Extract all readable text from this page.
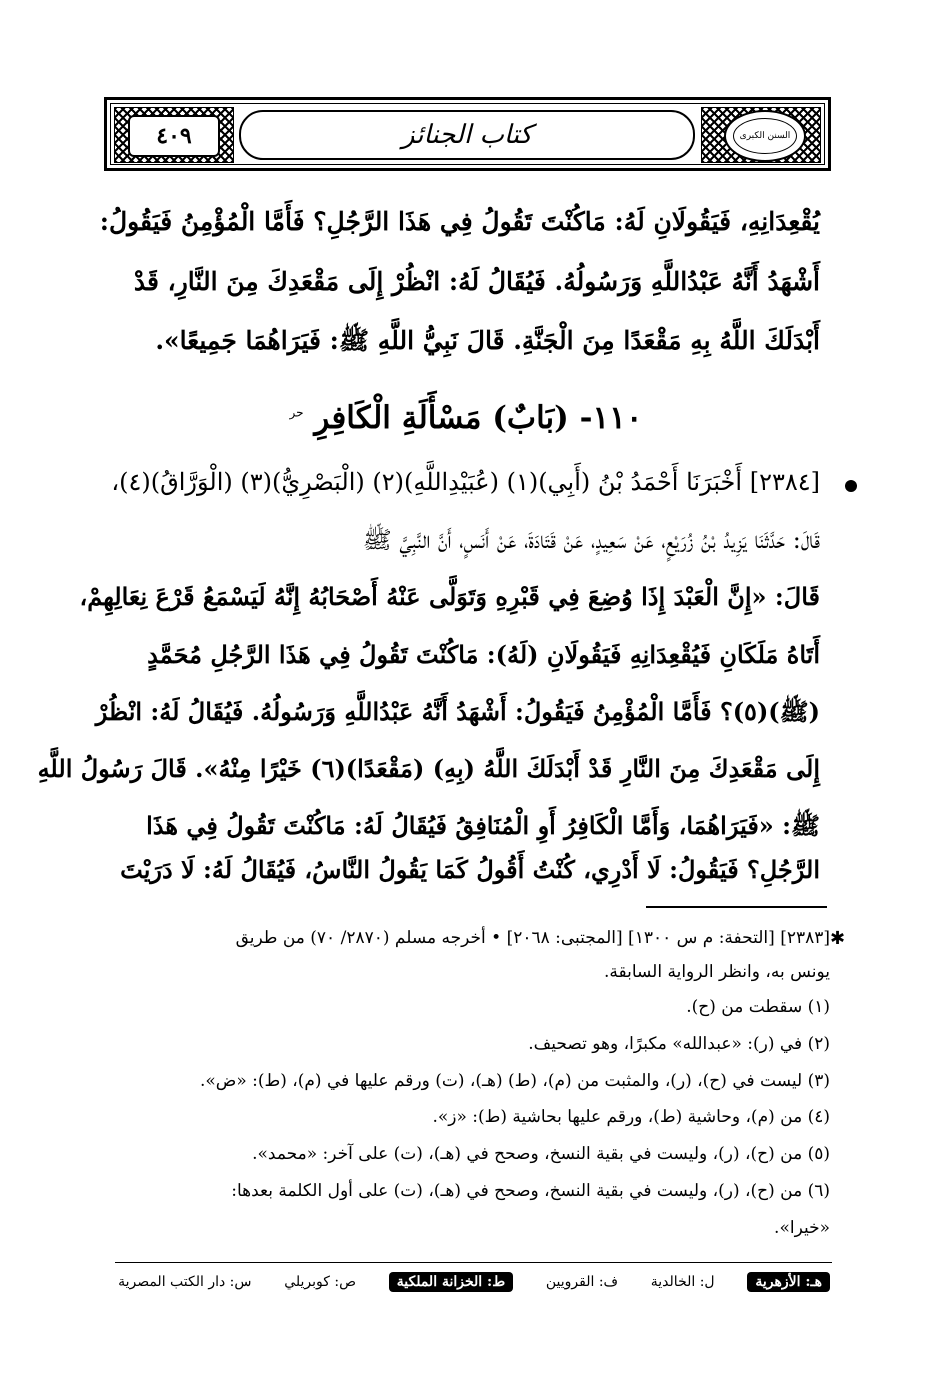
٤٠٩	كتاب الجنائز	السنن الكبرى
يُقْعِدَانِهِ، فَيَقُولَانِ لَهُ: مَاكُنْتَ تَقُولُ فِي هَذَا الرَّجُلِ؟ فَأَمَّا الْمُؤْمِنُ فَيَقُولُ:
أَشْهَدُ أَنَّهُ عَبْدُاللَّهِ وَرَسُولُهُ. فَيُقَالُ لَهُ: انْظُرْ إِلَى مَقْعَدِكَ مِنَ النَّارِ، قَدْ
أَبْدَلَكَ اللَّهُ بِهِ مَقْعَدًا مِنَ الْجَنَّةِ. قَالَ نَبِيُّ اللَّهِ ﷺ: فَيَرَاهُمَا جَمِيعًا».
١١٠- (بَابٌ) مَسْأَلَةِ الْكَافِرِ $^{حر}$
[٢٣٨٤] أَخْبَرَنَا أَحْمَدُ بْنُ (أَبِي)(١) (عُبَيْدِاللَّهِ)(٢) (الْبَصْرِيُّ)(٣) (الْوَرَّاقُ)(٤)،
قَالَ: حَدَّثَنَا يَزِيدُ بْنُ زُرَيْعٍ، عَنْ سَعِيدٍ، عَنْ قَتَادَةَ، عَنْ أَنَسٍ، أَنَّ النَّبِيَّ ﷺ
قَالَ: «إِنَّ الْعَبْدَ إِذَا وُضِعَ فِي قَبْرِهِ وَتَوَلَّى عَنْهُ أَصْحَابُهُ إِنَّهُ لَيَسْمَعُ قَرْعَ نِعَالِهِمْ،
أَتَاهُ مَلَكَانِ فَيُقْعِدَانِهِ فَيَقُولَانِ (لَهُ): مَاكُنْتَ تَقُولُ فِي هَذَا الرَّجُلِ مُحَمَّدٍ
(ﷺ)(٥)؟ فَأَمَّا الْمُؤْمِنُ فَيَقُولُ: أَشْهَدُ أَنَّهُ عَبْدُاللَّهِ وَرَسُولُهُ. فَيُقَالُ لَهُ: انْظُرْ
إِلَى مَقْعَدِكَ مِنَ النَّارِ قَدْ أَبْدَلَكَ اللَّهُ (بِهِ) (مَقْعَدًا)(٦) خَيْرًا مِنْهُ». قَالَ رَسُولُ اللَّهِ
ﷺ: «فَيَرَاهُمَا، وَأَمَّا الْكَافِرُ أَوِ الْمُنَافِقُ فَيُقَالُ لَهُ: مَاكُنْتَ تَقُولُ فِي هَذَا
الرَّجُلِ؟ فَيَقُولُ: لَا أَدْرِي، كُنْتُ أَقُولُ كَمَا يَقُولُ النَّاسُ، فَيُقَالُ لَهُ: لَا دَرَيْتَ
✱
[٢٣٨٣] [التحفة: م س ١٣٠٠] [المجتبى: ٢٠٦٨] • أخرجه مسلم (٢٨٧٠/ ٧٠) من طريق
يونس به، وانظر الرواية السابقة.
(١) سقطت من (ح).
(٢) في (ر): «عبدالله» مكبرًا، وهو تصحيف.
(٣) ليست في (ح)، (ر)، والمثبت من (م)، (ط) (هـ)، (ت) ورقم عليها في (م)، (ط): «ض».
(٤) من (م)، وحاشية (ط)، ورقم عليها بحاشية (ط): «ز».
(٥) من (ح)، (ر)، وليست في بقية النسخ، وصحح في (هـ)، (ت) على آخر: «محمد».
(٦) من (ح)، (ر)، وليست في بقية النسخ، وصحح في (هـ)، (ت) على أول الكلمة بعدها:
«خيرا».
س: دار الكتب المصرية ص: كوبريلي	ط: الخزانة الملكية	ف: القرويين ل: الخالدية	هـ: الأزهرية
